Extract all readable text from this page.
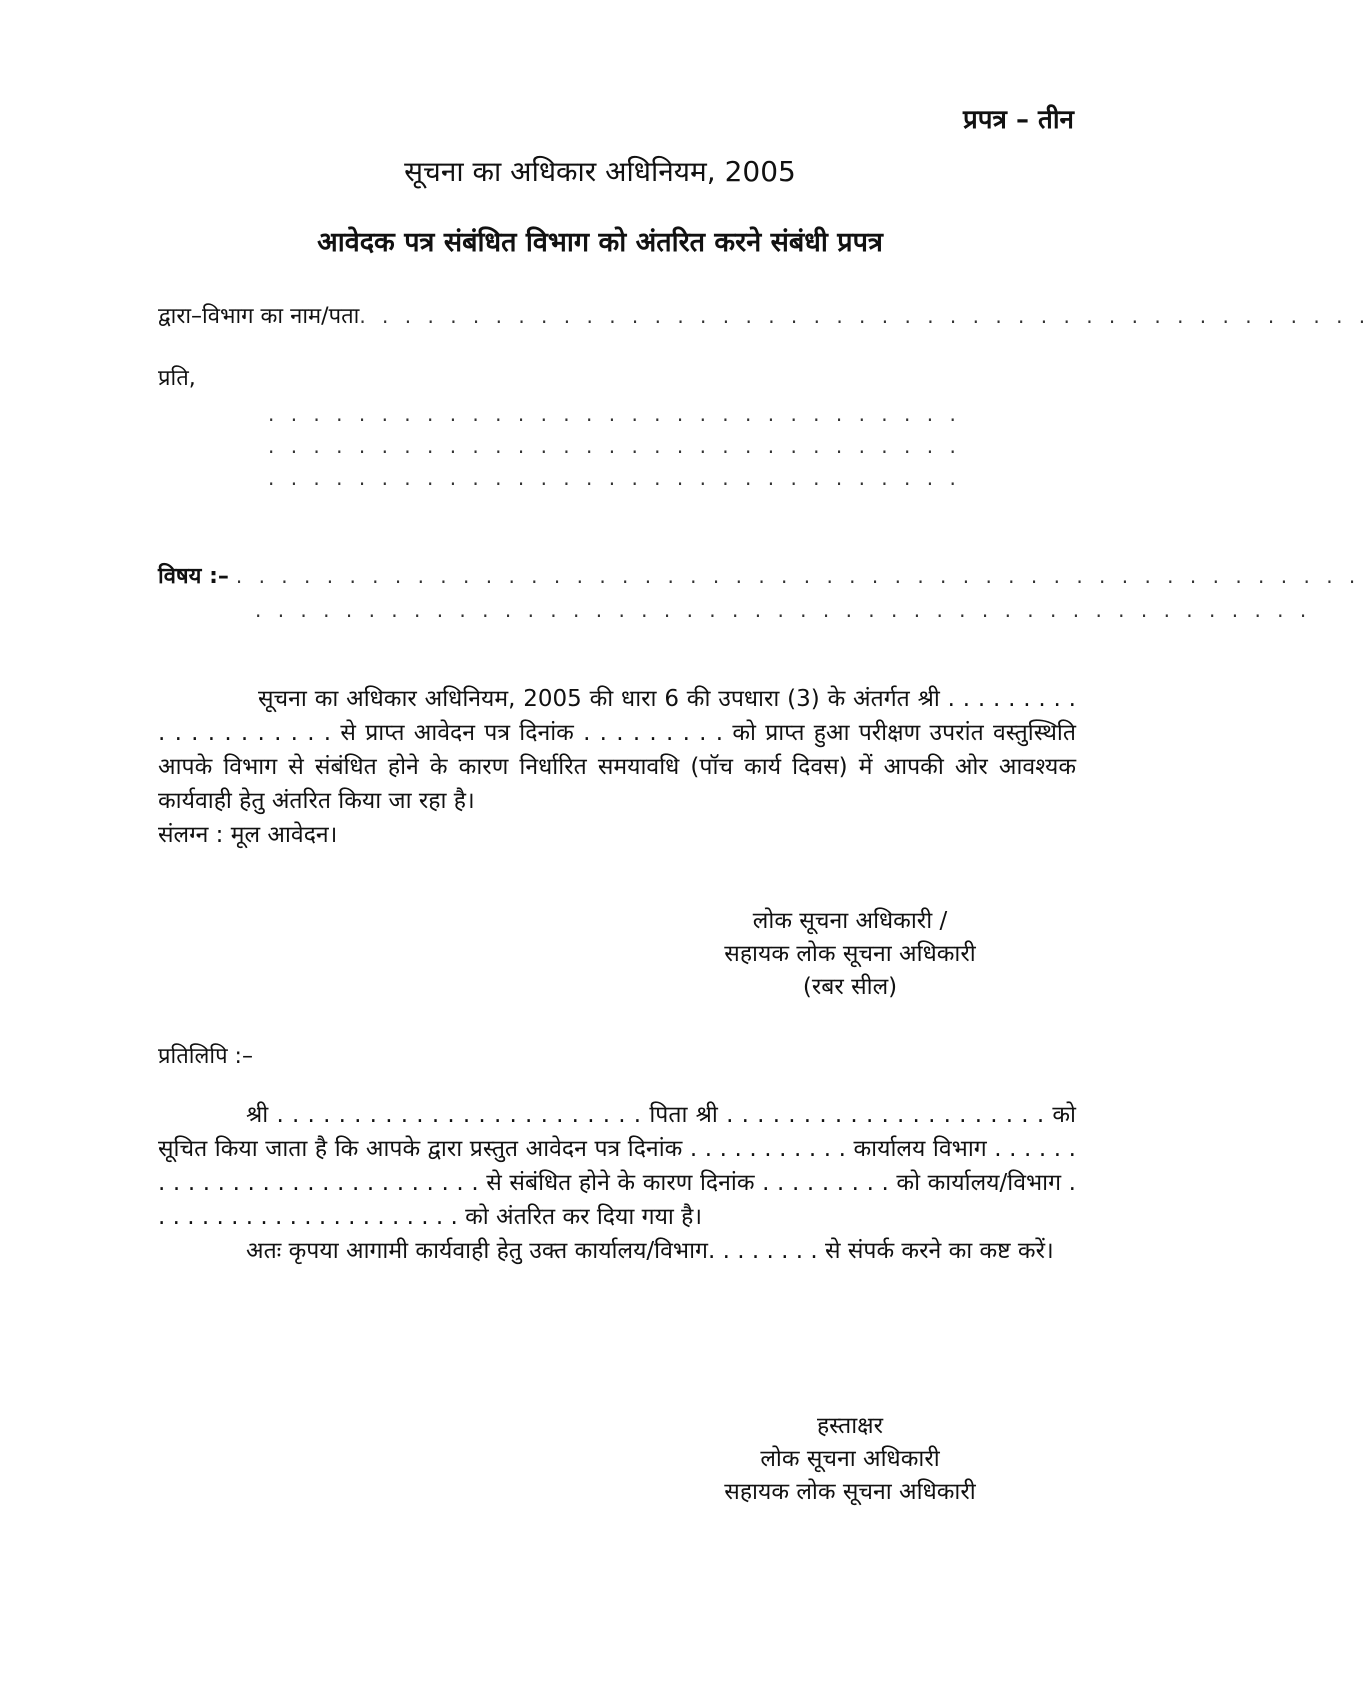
प्रपत्र – तीन
सूचना का अधिकार अधिनियम, 2005
आवेदक पत्र संबंधित विभाग को अंतरित करने संबंधी प्रपत्र
द्वारा–विभाग का नाम/पता. . . . . . . . . . . . . . . . . . . . . . . . . . . . . . . . . . . . . . . . . . . . .
प्रति,
. . . . . . . . . . . . . . . . . . . . . . . . . . . . . . .
. . . . . . . . . . . . . . . . . . . . . . . . . . . . . . .
. . . . . . . . . . . . . . . . . . . . . . . . . . . . . . .
विषय :– . . . . . . . . . . . . . . . . . . . . . . . . . . . . . . . . . . . . . . . . . . . . . . . . . .
. . . . . . . . . . . . . . . . . . . . . . . . . . . . . . . . . . . . . . . . . . . . . . .

सूचना का अधिकार अधिनियम, 2005 की धारा 6 की उपधारा (3) के अंतर्गत श्री . . . . . . . . . . . . . . . . . . . . से प्राप्त आवेदन पत्र दिनांक . . . . . . . . . को प्राप्त हुआ परीक्षण उपरांत वस्तुस्थिति आपके विभाग से संबंधित होने के कारण निर्धारित समयावधि (पॉच कार्य दिवस) में आपकी ओर आवश्यक कार्यवाही हेतु अंतरित किया जा रहा है।

संलग्न : मूल आवेदन।

लोक सूचना अधिकारी /
सहायक लोक सूचना अधिकारी
(रबर सील)
प्रतिलिपि :–

श्री . . . . . . . . . . . . . . . . . . . . . . . . पिता श्री . . . . . . . . . . . . . . . . . . . . . को सूचित किया जाता है कि आपके द्वारा प्रस्तुत आवेदन पत्र दिनांक . . . . . . . . . . . कार्यालय विभाग . . . . . . . . . . . . . . . . . . . . . . . . . . . . से संबंधित होने के कारण दिनांक . . . . . . . . . को कार्यालय/विभाग . . . . . . . . . . . . . . . . . . . . . . को अंतरित कर दिया गया है।

अतः कृपया आगामी कार्यवाही हेतु उक्त कार्यालय/विभाग. . . . . . . . से संपर्क करने का कष्ट करें।

हस्ताक्षर
लोक सूचना अधिकारी
सहायक लोक सूचना अधिकारी
